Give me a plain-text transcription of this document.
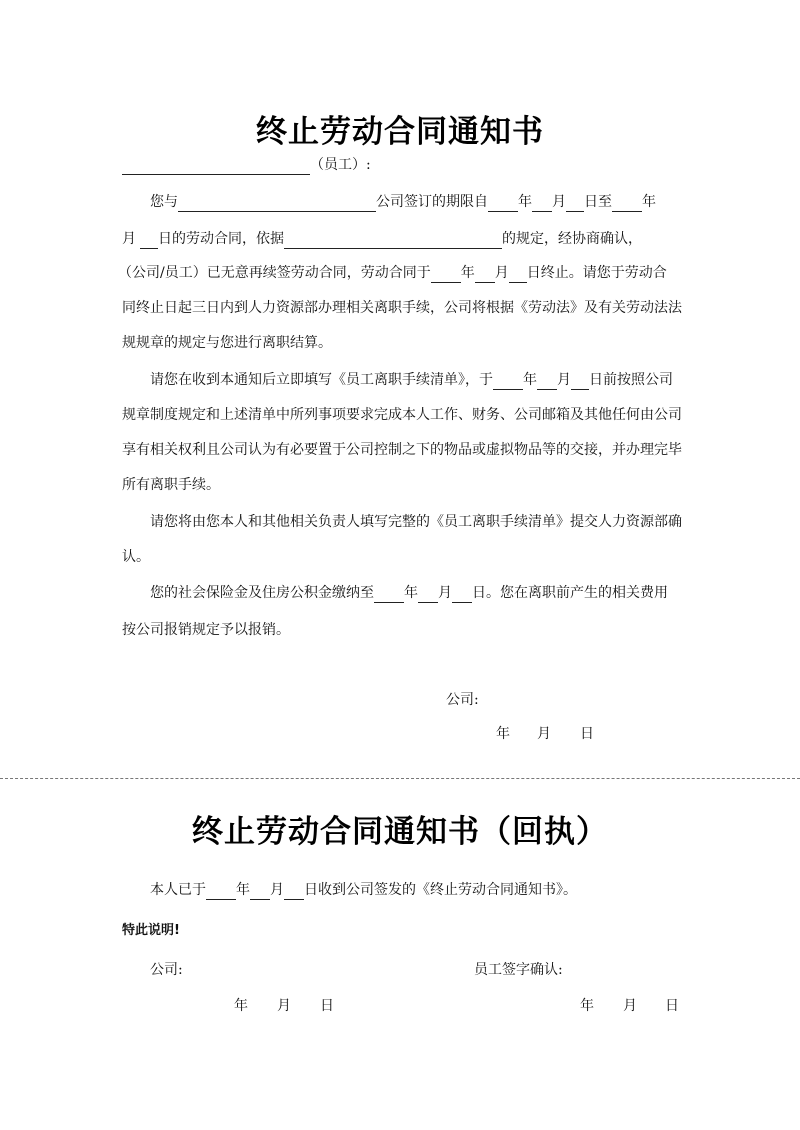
终止劳动合同通知书
（员工）:
您与	公司签订的期限自 年 月 日至 年
月 日的劳动合同，依据	的规定，经协商确认，
（公司/员工）已无意再续签劳动合同，劳动合同于 年 月 日终止。请您于劳动合
同终止日起三日内到人力资源部办理相关离职手续，公司将根据《劳动法》及有关劳动法法
规规章的规定与您进行离职结算。
请您在收到本通知后立即填写《员工离职手续清单》，于 年 月 日前按照公司
规章制度规定和上述清单中所列事项要求完成本人工作、财务、公司邮箱及其他任何由公司
享有相关权利且公司认为有必要置于公司控制之下的物品或虚拟物品等的交接，并办理完毕
所有离职手续。
请您将由您本人和其他相关负责人填写完整的《员工离职手续清单》提交人力资源部确
认。
您的社会保险金及住房公积金缴纳至 年 月 日。您在离职前产生的相关费用
按公司报销规定予以报销。
公司:
年 月 日
终止劳动合同通知书（回执）
本人已于 年 月 日收到公司签发的《终止劳动合同通知书》。
特此说明!
公司:	员工签字确认:
年 月 日	年 月 日
